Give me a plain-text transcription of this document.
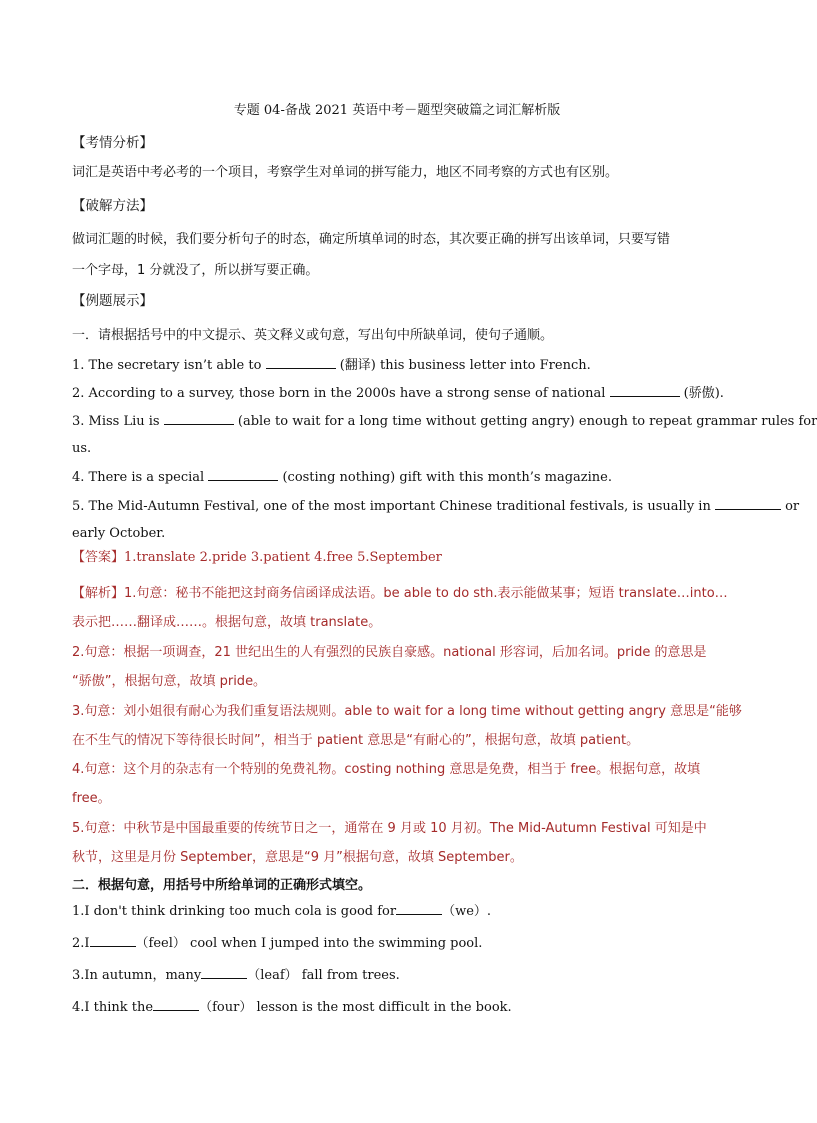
专题 04-备战 2021 英语中考－题型突破篇之词汇解析版
【考情分析】
词汇是英语中考必考的一个项目，考察学生对单词的拼写能力，地区不同考察的方式也有区别。
【破解方法】
做词汇题的时候，我们要分析句子的时态，确定所填单词的时态，其次要正确的拼写出该单词，只要写错
一个字母，1 分就没了，所以拼写要正确。
【例题展示】
一．请根据括号中的中文提示、英文释义或句意，写出句中所缺单词，使句子通顺。
1. The secretary isn’t able to	(翻译) this business letter into French.
2. According to a survey, those born in the 2000s have a strong sense of national	(骄傲).
3. Miss Liu is	(able to wait for a long time without getting angry) enough to repeat grammar rules for
us.
4. There is a special	(costing nothing) gift with this month’s magazine.
5. The Mid-Autumn Festival, one of the most important Chinese traditional festivals, is usually in	or
early October.
【答案】1.translate 2.pride 3.patient 4.free 5.September
【解析】1.句意：秘书不能把这封商务信函译成法语。be able to do sth.表示能做某事；短语 translate…into…
表示把……翻译成……。根据句意，故填 translate。
2.句意：根据一项调查，21 世纪出生的人有强烈的民族自豪感。national 形容词，后加名词。pride 的意思是
“骄傲”，根据句意，故填 pride。
3.句意：刘小姐很有耐心为我们重复语法规则。able to wait for a long time without getting angry 意思是“能够
在不生气的情况下等待很长时间”，相当于 patient 意思是“有耐心的”，根据句意，故填 patient。
4.句意：这个月的杂志有一个特别的免费礼物。costing nothing 意思是免费，相当于 free。根据句意，故填
free。
5.句意：中秋节是中国最重要的传统节日之一，通常在 9 月或 10 月初。The Mid-Autumn Festival 可知是中
秋节，这里是月份 September，意思是“9 月”根据句意，故填 September。
二．根据句意，用括号中所给单词的正确形式填空。
1.I don't think drinking too much cola is good for	（we）.
2.I	（feel） cool when I jumped into the swimming pool.
3.In autumn，many	（leaf） fall from trees.
4.I think the	（four） lesson is the most difficult in the book.
